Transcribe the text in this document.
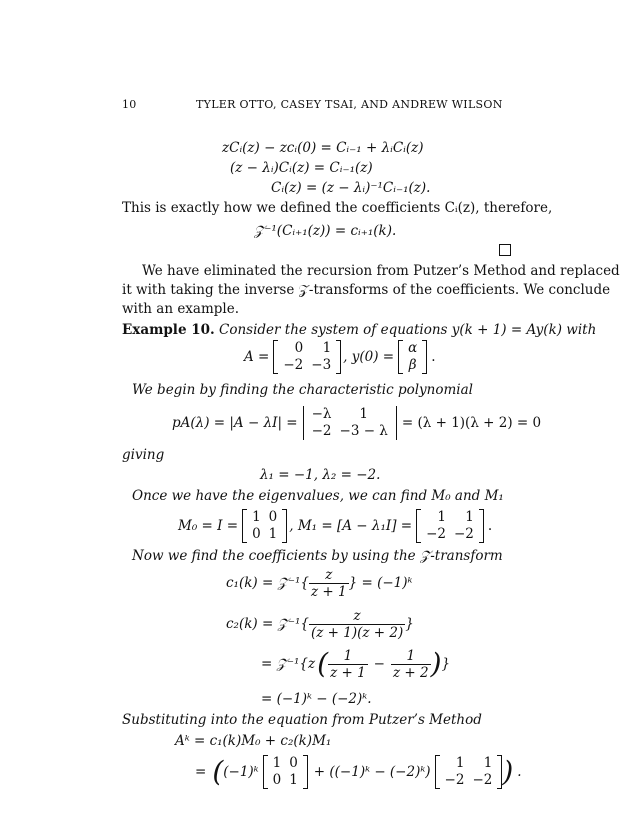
10	TYLER OTTO, CASEY TSAI, AND ANDREW WILSON
zCᵢ(z) − zcᵢ(0) = Cᵢ₋₁ + λᵢCᵢ(z)
(z − λᵢ)Cᵢ(z) = Cᵢ₋₁(z)
Cᵢ(z) = (z − λᵢ)⁻¹Cᵢ₋₁(z).
This is exactly how we defined the coefficients Cᵢ(z), therefore,
𝒵⁻¹(Cᵢ₊₁(z)) = cᵢ₊₁(k).
We have eliminated the recursion from Putzer’s Method and replaced
it with taking the inverse 𝒵-transforms of the coefficients. We conclude
with an example.
Example 10. Consider the system of equations y(k + 1) = Ay(k) with
A =
0	1
−2	−3 , y(0) =
α
β .
We begin by finding the characteristic polynomial
pA(λ) = |A − λI| =
−λ	1
−2	−3 − λ = (λ + 1)(λ + 2) = 0
giving
λ₁ = −1, λ₂ = −2.
Once we have the eigenvalues, we can find M₀ and M₁
M₀ = I =
1	0
0	1 , M₁ = [A − λ₁I] =
1	1
−2	−2 .
Now we find the coefficients by using the 𝒵-transform
c₁(k) = 𝒵⁻¹{ $\frac{z}{z + 1}$ } = (−1)ᵏ
c₂(k) = 𝒵⁻¹{ $\frac{z}{(z + 1)(z + 2)}$ }
= 𝒵⁻¹{z ( $\frac{1}{z + 1} - \frac{1}{z + 2}$ ) }
= (−1)ᵏ − (−2)ᵏ.
Substituting into the equation from Putzer’s Method
Aᵏ = c₁(k)M₀ + c₂(k)M₁
= ( (−1)ᵏ
1	0
0	1 + ((−1)ᵏ − (−2)ᵏ)
1	1
−2	−2 ) .
